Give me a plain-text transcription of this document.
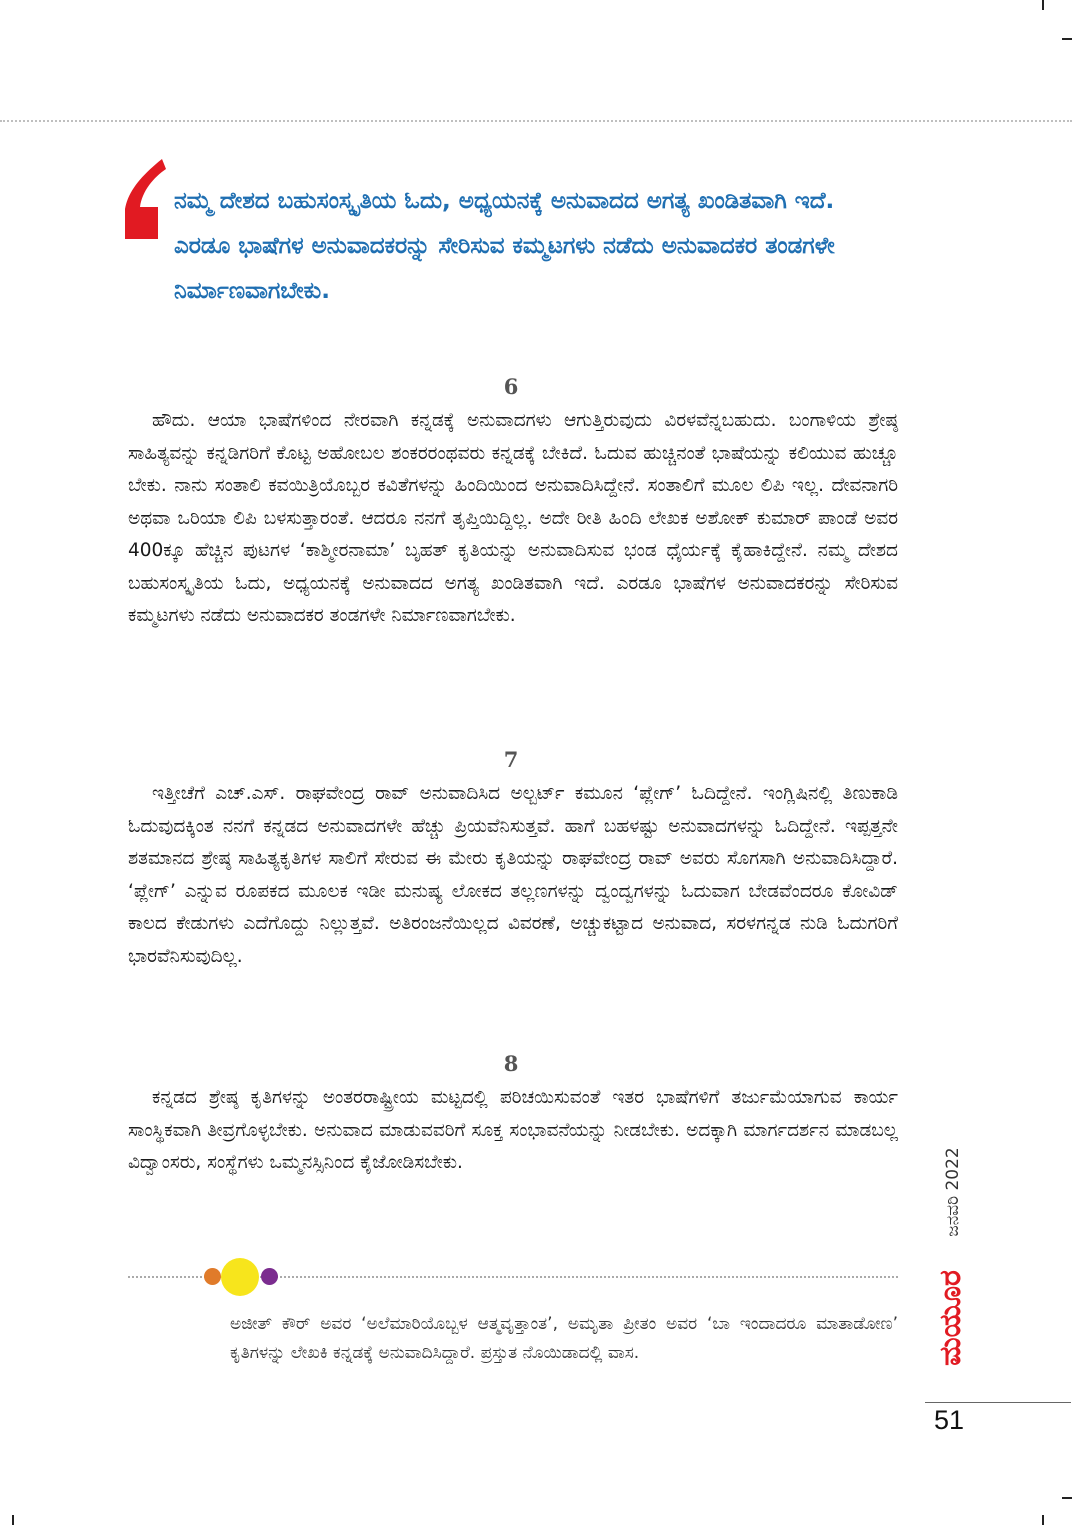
ನಮ್ಮ ದೇಶದ ಬಹುಸಂಸ್ಕೃತಿಯ ಓದು, ಅಧ್ಯಯನಕ್ಕೆ ಅನುವಾದದ ಅಗತ್ಯ ಖಂಡಿತವಾಗಿ ಇದೆ. ಎರಡೂ ಭಾಷೆಗಳ ಅನುವಾದಕರನ್ನು ಸೇರಿಸುವ ಕಮ್ಮಟಗಳು ನಡೆದು ಅನುವಾದಕರ ತಂಡಗಳೇ ನಿರ್ಮಾಣವಾಗಬೇಕು.

6

ಹೌದು. ಆಯಾ ಭಾಷೆಗಳಿಂದ ನೇರವಾಗಿ ಕನ್ನಡಕ್ಕೆ ಅನುವಾದಗಳು ಆಗುತ್ತಿರುವುದು ವಿರಳವೆನ್ನಬಹುದು. ಬಂಗಾಳಿಯ ಶ್ರೇಷ್ಠ ಸಾಹಿತ್ಯವನ್ನು ಕನ್ನಡಿಗರಿಗೆ ಕೊಟ್ಟ ಅಹೋಬಲ ಶಂಕರರಂಥವರು ಕನ್ನಡಕ್ಕೆ ಬೇಕಿದೆ. ಓದುವ ಹುಚ್ಚಿನಂತೆ ಭಾಷೆಯನ್ನು ಕಲಿಯುವ ಹುಚ್ಚೂ ಬೇಕು. ನಾನು ಸಂತಾಲಿ ಕವಯಿತ್ರಿಯೊಬ್ಬರ ಕವಿತೆಗಳನ್ನು ಹಿಂದಿಯಿಂದ ಅನುವಾದಿಸಿದ್ದೇನೆ. ಸಂತಾಲಿಗೆ ಮೂಲ ಲಿಪಿ ಇಲ್ಲ. ದೇವನಾಗರಿ ಅಥವಾ ಒರಿಯಾ ಲಿಪಿ ಬಳಸುತ್ತಾರಂತೆ. ಆದರೂ ನನಗೆ ತೃಪ್ತಿಯಿದ್ದಿಲ್ಲ. ಅದೇ ರೀತಿ ಹಿಂದಿ ಲೇಖಕ ಅಶೋಕ್ ಕುಮಾರ್ ಪಾಂಡೆ ಅವರ 400ಕ್ಕೂ ಹೆಚ್ಚಿನ ಪುಟಗಳ ‘ಕಾಶ್ಮೀರನಾಮಾ’ ಬೃಹತ್ ಕೃತಿಯನ್ನು ಅನುವಾದಿಸುವ ಭಂಡ ಧೈರ್ಯಕ್ಕೆ ಕೈಹಾಕಿದ್ದೇನೆ. ನಮ್ಮ ದೇಶದ ಬಹುಸಂಸ್ಕೃತಿಯ ಓದು, ಅಧ್ಯಯನಕ್ಕೆ ಅನುವಾದದ ಅಗತ್ಯ ಖಂಡಿತವಾಗಿ ಇದೆ. ಎರಡೂ ಭಾಷೆಗಳ ಅನುವಾದಕರನ್ನು ಸೇರಿಸುವ ಕಮ್ಮಟಗಳು ನಡೆದು ಅನುವಾದಕರ ತಂಡಗಳೇ ನಿರ್ಮಾಣವಾಗಬೇಕು.

7

ಇತ್ತೀಚೆಗೆ ಎಚ್.ಎಸ್. ರಾಘವೇಂದ್ರ ರಾವ್ ಅನುವಾದಿಸಿದ ಅಲ್ಬರ್ಟ್ ಕಮೂನ ‘ಪ್ಲೇಗ್’ ಓದಿದ್ದೇನೆ. ಇಂಗ್ಲಿಷಿನಲ್ಲಿ ತಿಣುಕಾಡಿ ಓದುವುದಕ್ಕಿಂತ ನನಗೆ ಕನ್ನಡದ ಅನುವಾದಗಳೇ ಹೆಚ್ಚು ಪ್ರಿಯವೆನಿಸುತ್ತವೆ. ಹಾಗೆ ಬಹಳಷ್ಟು ಅನುವಾದಗಳನ್ನು ಓದಿದ್ದೇನೆ. ಇಪ್ಪತ್ತನೇ ಶತಮಾನದ ಶ್ರೇಷ್ಠ ಸಾಹಿತ್ಯಕೃತಿಗಳ ಸಾಲಿಗೆ ಸೇರುವ ಈ ಮೇರು ಕೃತಿಯನ್ನು ರಾಘವೇಂದ್ರ ರಾವ್ ಅವರು ಸೊಗಸಾಗಿ ಅನುವಾದಿಸಿದ್ದಾರೆ. ‘ಪ್ಲೇಗ್’ ಎನ್ನುವ ರೂಪಕದ ಮೂಲಕ ಇಡೀ ಮನುಷ್ಯ ಲೋಕದ ತಲ್ಲಣಗಳನ್ನು ದ್ವಂದ್ವಗಳನ್ನು ಓದುವಾಗ ಬೇಡವೆಂದರೂ ಕೋವಿಡ್ ಕಾಲದ ಕೇಡುಗಳು ಎದೆಗೊದ್ದು ನಿಲ್ಲುತ್ತವೆ. ಅತಿರಂಜನೆಯಿಲ್ಲದ ವಿವರಣೆ, ಅಚ್ಚುಕಟ್ಟಾದ ಅನುವಾದ, ಸರಳಗನ್ನಡ ನುಡಿ ಓದುಗರಿಗೆ ಭಾರವೆನಿಸುವುದಿಲ್ಲ.

8

ಕನ್ನಡದ ಶ್ರೇಷ್ಠ ಕೃತಿಗಳನ್ನು ಅಂತರರಾಷ್ಟ್ರೀಯ ಮಟ್ಟದಲ್ಲಿ ಪರಿಚಯಿಸುವಂತೆ ಇತರ ಭಾಷೆಗಳಿಗೆ ತರ್ಜುಮೆಯಾಗುವ ಕಾರ್ಯ ಸಾಂಸ್ಥಿಕವಾಗಿ ತೀವ್ರಗೊಳ್ಳಬೇಕು. ಅನುವಾದ ಮಾಡುವವರಿಗೆ ಸೂಕ್ತ ಸಂಭಾವನೆಯನ್ನು ನೀಡಬೇಕು. ಅದಕ್ಕಾಗಿ ಮಾರ್ಗದರ್ಶನ ಮಾಡಬಲ್ಲ ವಿದ್ವಾಂಸರು, ಸಂಸ್ಥೆಗಳು ಒಮ್ಮನಸ್ಸಿನಿಂದ ಕೈಜೋಡಿಸಬೇಕು.

ಅಜೀತ್ ಕೌರ್ ಅವರ ‘ಅಲೆಮಾರಿಯೊಬ್ಬಳ ಆತ್ಮವೃತ್ತಾಂತ’, ಅಮೃತಾ ಪ್ರೀತಂ ಅವರ ‘ಬಾ ಇಂದಾದರೂ ಮಾತಾಡೋಣ’ ಕೃತಿಗಳನ್ನು ಲೇಖಕಿ ಕನ್ನಡಕ್ಕೆ ಅನುವಾದಿಸಿದ್ದಾರೆ. ಪ್ರಸ್ತುತ ನೊಯಿಡಾದಲ್ಲಿ ವಾಸ.

ಜನವರಿ 2022
ಮಯೂರ
51
